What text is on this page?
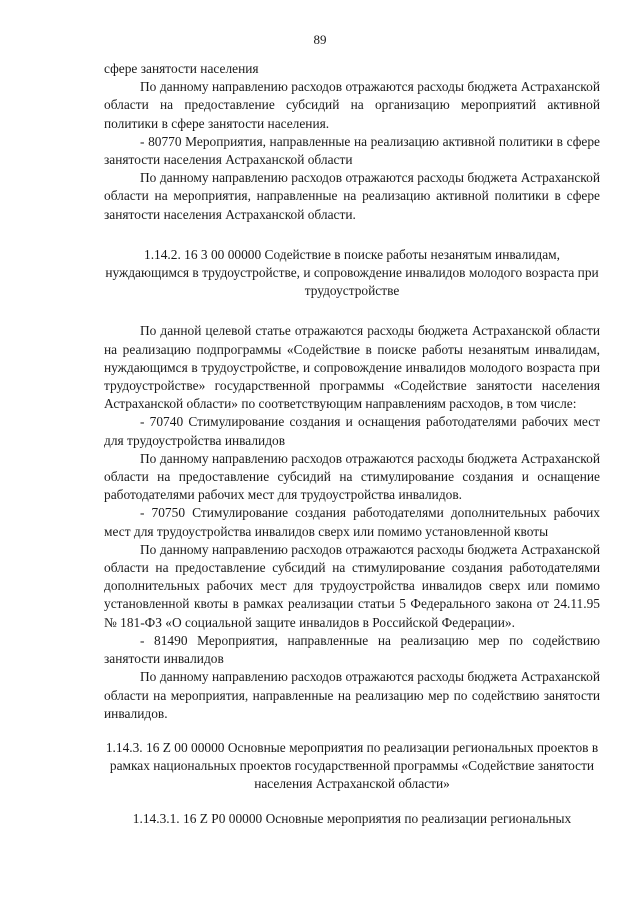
89

сфере занятости населения

По данному направлению расходов отражаются расходы бюджета Астраханской области на предоставление субсидий на организацию мероприятий активной политики в сфере занятости населения.

- 80770 Мероприятия, направленные на реализацию активной политики в сфере занятости населения Астраханской области

По данному направлению расходов отражаются расходы бюджета Астраханской области на мероприятия, направленные на реализацию активной политики в сфере занятости населения Астраханской области.

1.14.2. 16 3 00 00000 Содействие в поиске работы незанятым инвалидам, нуждающимся в трудоустройстве, и сопровождение инвалидов молодого возраста при трудоустройстве

По данной целевой статье отражаются расходы бюджета Астраханской области на реализацию подпрограммы «Содействие в поиске работы незанятым инвалидам, нуждающимся в трудоустройстве, и сопровождение инвалидов молодого возраста при трудоустройстве» государственной программы «Содействие занятости населения Астраханской области» по соответствующим направлениям расходов, в том числе:

- 70740 Стимулирование создания и оснащения работодателями рабочих мест для трудоустройства инвалидов

По данному направлению расходов отражаются расходы бюджета Астраханской области на предоставление субсидий на стимулирование создания и оснащение работодателями рабочих мест для трудоустройства инвалидов.

- 70750 Стимулирование создания работодателями дополнительных рабочих мест для трудоустройства инвалидов сверх или помимо установленной квоты

По данному направлению расходов отражаются расходы бюджета Астраханской области на предоставление субсидий на стимулирование создания работодателями дополнительных рабочих мест для трудоустройства инвалидов сверх или помимо установленной квоты в рамках реализации статьи 5 Федерального закона от 24.11.95 № 181-ФЗ «О социальной защите инвалидов в Российской Федерации».

- 81490 Мероприятия, направленные на реализацию мер по содействию занятости инвалидов

По данному направлению расходов отражаются расходы бюджета Астраханской области на мероприятия, направленные на реализацию мер по содействию занятости инвалидов.

1.14.3. 16 Z 00 00000 Основные мероприятия по реализации региональных проектов в рамках национальных проектов государственной программы «Содействие занятости населения Астраханской области»

1.14.3.1. 16 Z P0 00000 Основные мероприятия по реализации региональных
